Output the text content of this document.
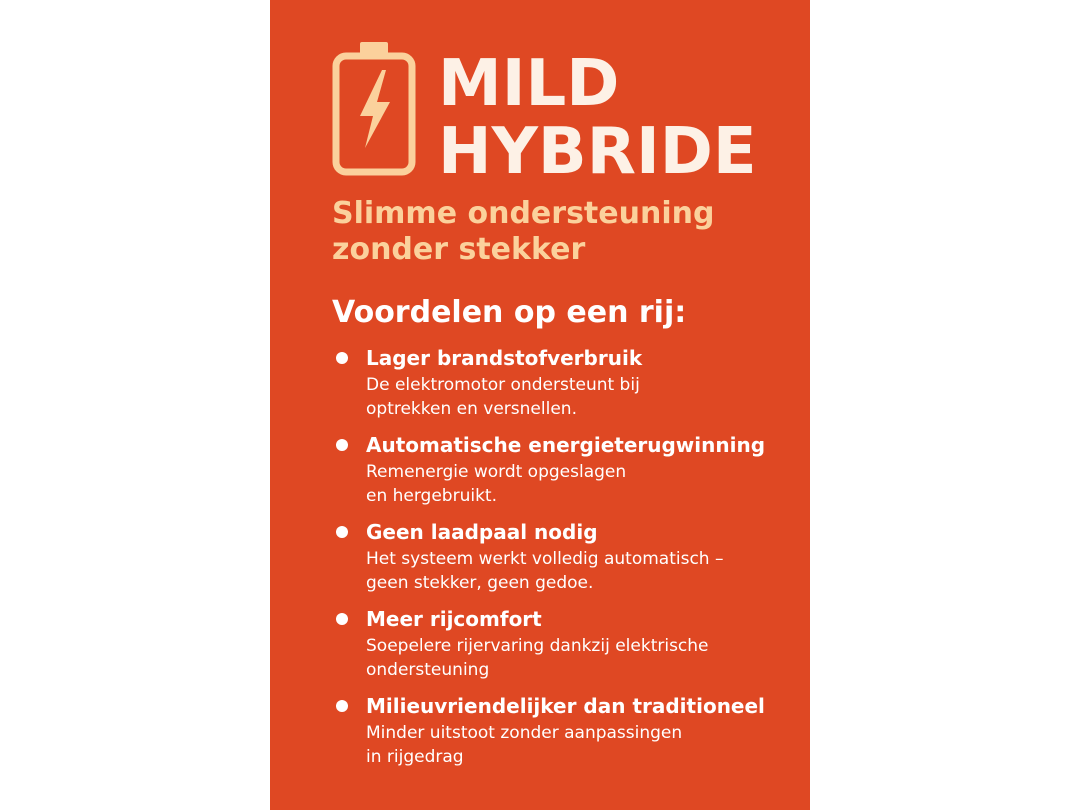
MILD
HYBRIDE
Slimme ondersteuning
zonder stekker
Voordelen op een rij:
Lager brandstofverbruik
De elektromotor ondersteunt bij
optrekken en versnellen.
Automatische energieterugwinning
Remenergie wordt opgeslagen
en hergebruikt.
Geen laadpaal nodig
Het systeem werkt volledig automatisch –
geen stekker, geen gedoe.
Meer rijcomfort
Soepelere rijervaring dankzij elektrische
ondersteuning
Milieuvriendelijker dan traditioneel
Minder uitstoot zonder aanpassingen
in rijgedrag
